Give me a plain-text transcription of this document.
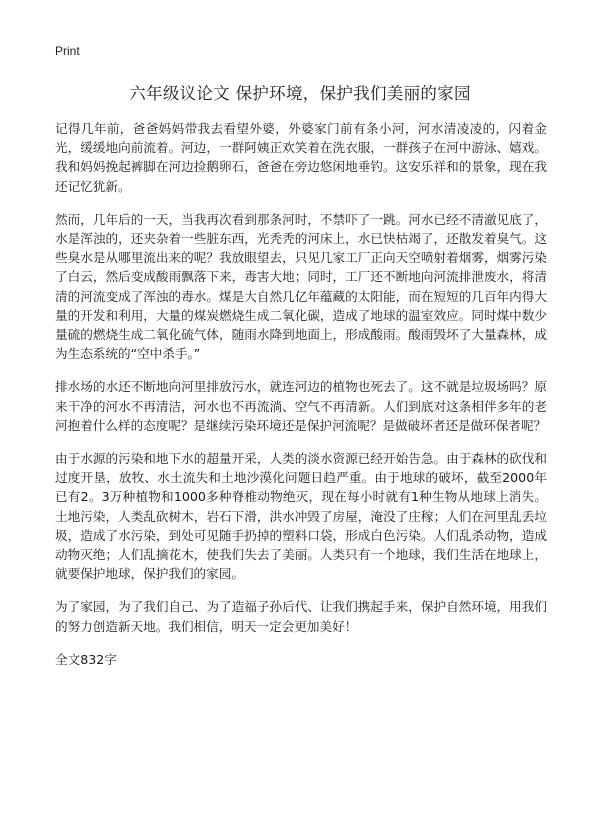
Print
六年级议论文 保护环境，保护我们美丽的家园

记得几年前，爸爸妈妈带我去看望外婆，外婆家门前有条小河，河水清凌凌的，闪着金光，缓缓地向前流着。河边，一群阿姨正欢笑着在洗衣服，一群孩子在河中游泳、嬉戏。我和妈妈挽起裤脚在河边捡鹅卵石，爸爸在旁边悠闲地垂钓。这安乐祥和的景象，现在我还记忆犹新。

然而，几年后的一天，当我再次看到那条河时，不禁吓了一跳。河水已经不清澈见底了，水是浑浊的，还夹杂着一些脏东西，光秃秃的河床上，水已快枯竭了，还散发着臭气。这些臭水是从哪里流出来的呢？我放眼望去，只见几家工厂正向天空喷射着烟雾，烟雾污染了白云，然后变成酸雨飘落下来，毒害大地；同时，工厂还不断地向河流排泄废水，将清清的河流变成了浑浊的毒水。煤是大自然几亿年蕴藏的太阳能，而在短短的几百年内得大量的开发和利用，大量的煤炭燃烧生成二氧化碳，造成了地球的温室效应。同时煤中数少量硫的燃烧生成二氧化硫气体，随雨水降到地面上，形成酸雨。酸雨毁坏了大量森林，成为生态系统的“空中杀手。”

排水场的水还不断地向河里排放污水，就连河边的植物也死去了。这不就是垃圾场吗？原来干净的河水不再清洁，河水也不再流淌、空气不再清新。人们到底对这条相伴多年的老河抱着什么样的态度呢？是继续污染环境还是保护河流呢？是做破坏者还是做环保者呢？

由于水源的污染和地下水的超量开采，人类的淡水资源已经开始告急。由于森林的砍伐和过度开垦，放牧、水土流失和土地沙漠化问题日趋严重。由于地球的破坏，截至2000年已有2。3万种植物和1000多种脊椎动物绝灭，现在每小时就有1种生物从地球上消失。土地污染，人类乱砍树木，岩石下滑，洪水冲毁了房屋，淹没了庄稼；人们在河里乱丢垃圾，造成了水污染，到处可见随手扔掉的塑料口袋，形成白色污染。人们乱杀动物，造成动物灭绝；人们乱摘花木，使我们失去了美丽。人类只有一个地球，我们生活在地球上，就要保护地球，保护我们的家园。

为了家园，为了我们自己、为了造福子孙后代、让我们携起手来，保护自然环境，用我们的努力创造新天地。我们相信，明天一定会更加美好！

全文832字
